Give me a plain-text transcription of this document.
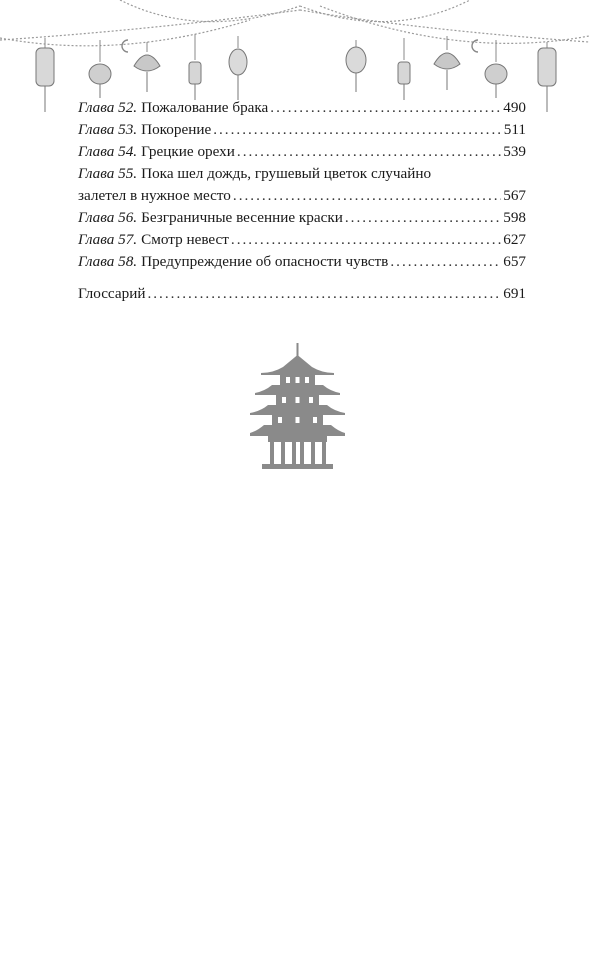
Глава 52. Пожалование брака .....	490
Глава 53. Покорение .....	511
Глава 54. Грецкие орехи .....	539
Глава 55. Пока шел дождь, грушевый цветок случайно
залетел в нужное место .....	567
Глава 56. Безграничные весенние краски .....	598
Глава 57. Смотр невест .....	627
Глава 58. Предупреждение об опасности чувств .....	657
Глоссарий .....	691
